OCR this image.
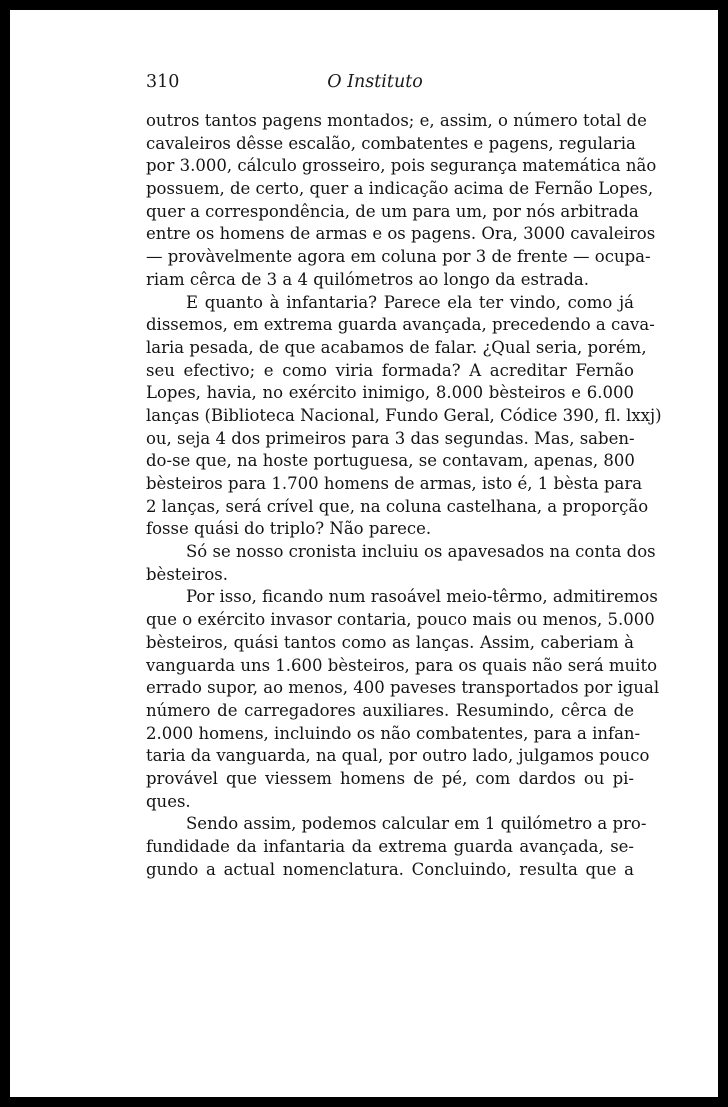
310	O Instituto
outros tantos pagens montados; e, assim, o número total de
cavaleiros dêsse escalão, combatentes e pagens, regularia
por 3.000, cálculo grosseiro, pois segurança matemática não
possuem, de certo, quer a indicação acima de Fernão Lopes,
quer a correspondência, de um para um, por nós arbitrada
entre os homens de armas e os pagens. Ora, 3000 cavaleiros
— provàvelmente agora em coluna por 3 de frente — ocupa-
riam cêrca de 3 a 4 quilómetros ao longo da estrada.
E quanto à infantaria? Parece ela ter vindo, como já
dissemos, em extrema guarda avançada, precedendo a cava-
laria pesada, de que acabamos de falar. ¿Qual seria, porém,
seu efectivo; e como viria formada? A acreditar Fernão
Lopes, havia, no exército inimigo, 8.000 bèsteiros e 6.000
lanças (Biblioteca Nacional, Fundo Geral, Códice 390, fl. lxxj)
ou, seja 4 dos primeiros para 3 das segundas. Mas, saben-
do-se que, na hoste portuguesa, se contavam, apenas, 800
bèsteiros para 1.700 homens de armas, isto é, 1 bèsta para
2 lanças, será crível que, na coluna castelhana, a proporção
fosse quási do triplo? Não parece.
Só se nosso cronista incluiu os apavesados na conta dos
bèsteiros.
Por isso, ficando num rasoável meio-têrmo, admitiremos
que o exército invasor contaria, pouco mais ou menos, 5.000
bèsteiros, quási tantos como as lanças. Assim, caberiam à
vanguarda uns 1.600 bèsteiros, para os quais não será muito
errado supor, ao menos, 400 paveses transportados por igual
número de carregadores auxiliares. Resumindo, cêrca de
2.000 homens, incluindo os não combatentes, para a infan-
taria da vanguarda, na qual, por outro lado, julgamos pouco
provável que viessem homens de pé, com dardos ou pi-
ques.
Sendo assim, podemos calcular em 1 quilómetro a pro-
fundidade da infantaria da extrema guarda avançada, se-
gundo a actual nomenclatura. Concluindo, resulta que a
